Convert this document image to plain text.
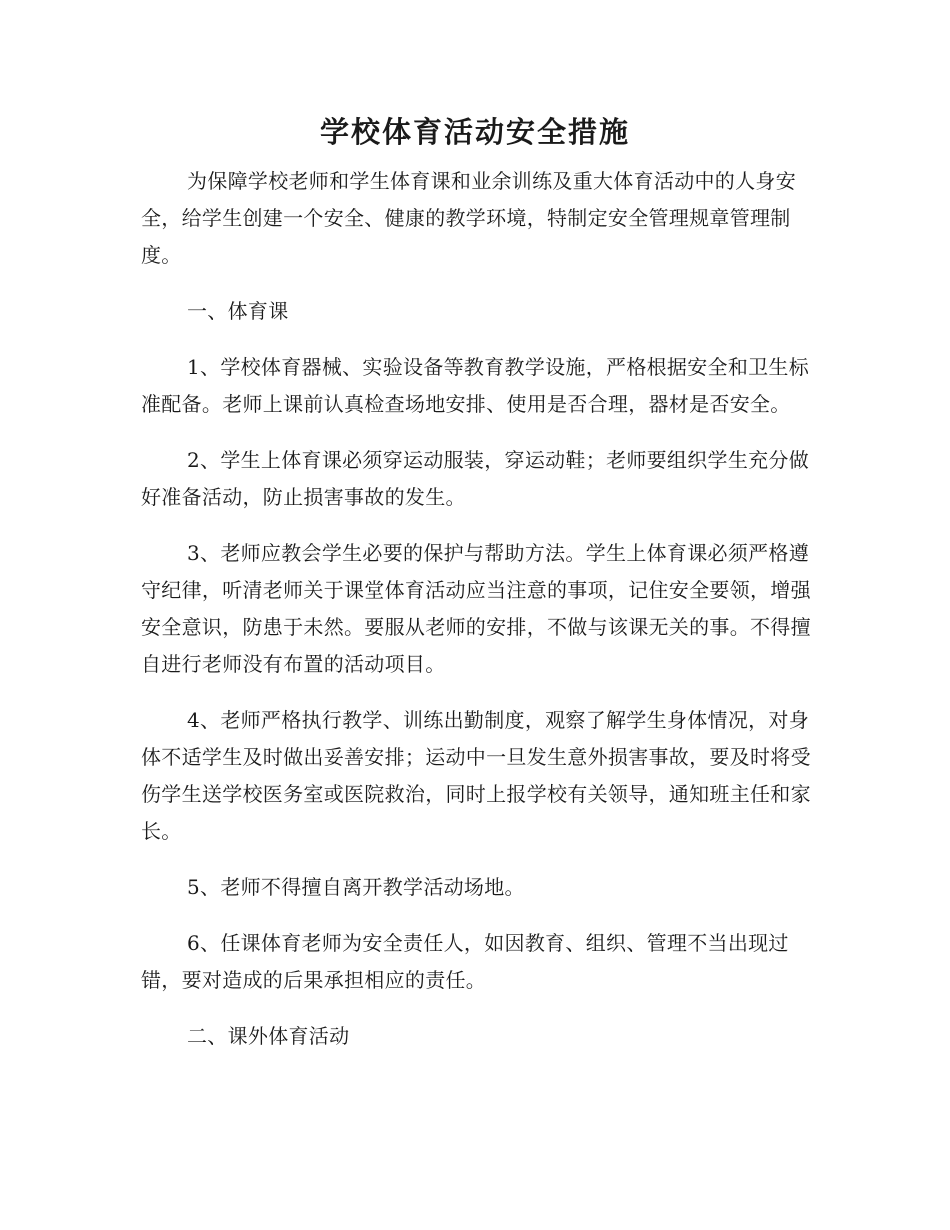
学校体育活动安全措施

为保障学校老师和学生体育课和业余训练及重大体育活动中的人身安全，给学生创建一个安全、健康的教学环境，特制定安全管理规章管理制度。

一、体育课

1、学校体育器械、实验设备等教育教学设施，严格根据安全和卫生标准配备。老师上课前认真检查场地安排、使用是否合理，器材是否安全。

2、学生上体育课必须穿运动服装，穿运动鞋；老师要组织学生充分做好准备活动，防止损害事故的发生。

3、老师应教会学生必要的保护与帮助方法。学生上体育课必须严格遵守纪律，听清老师关于课堂体育活动应当注意的事项，记住安全要领，增强安全意识，防患于未然。要服从老师的安排，不做与该课无关的事。不得擅自进行老师没有布置的活动项目。

4、老师严格执行教学、训练出勤制度，观察了解学生身体情况，对身体不适学生及时做出妥善安排；运动中一旦发生意外损害事故，要及时将受伤学生送学校医务室或医院救治，同时上报学校有关领导，通知班主任和家长。

5、老师不得擅自离开教学活动场地。

6、任课体育老师为安全责任人，如因教育、组织、管理不当出现过错，要对造成的后果承担相应的责任。

二、课外体育活动
